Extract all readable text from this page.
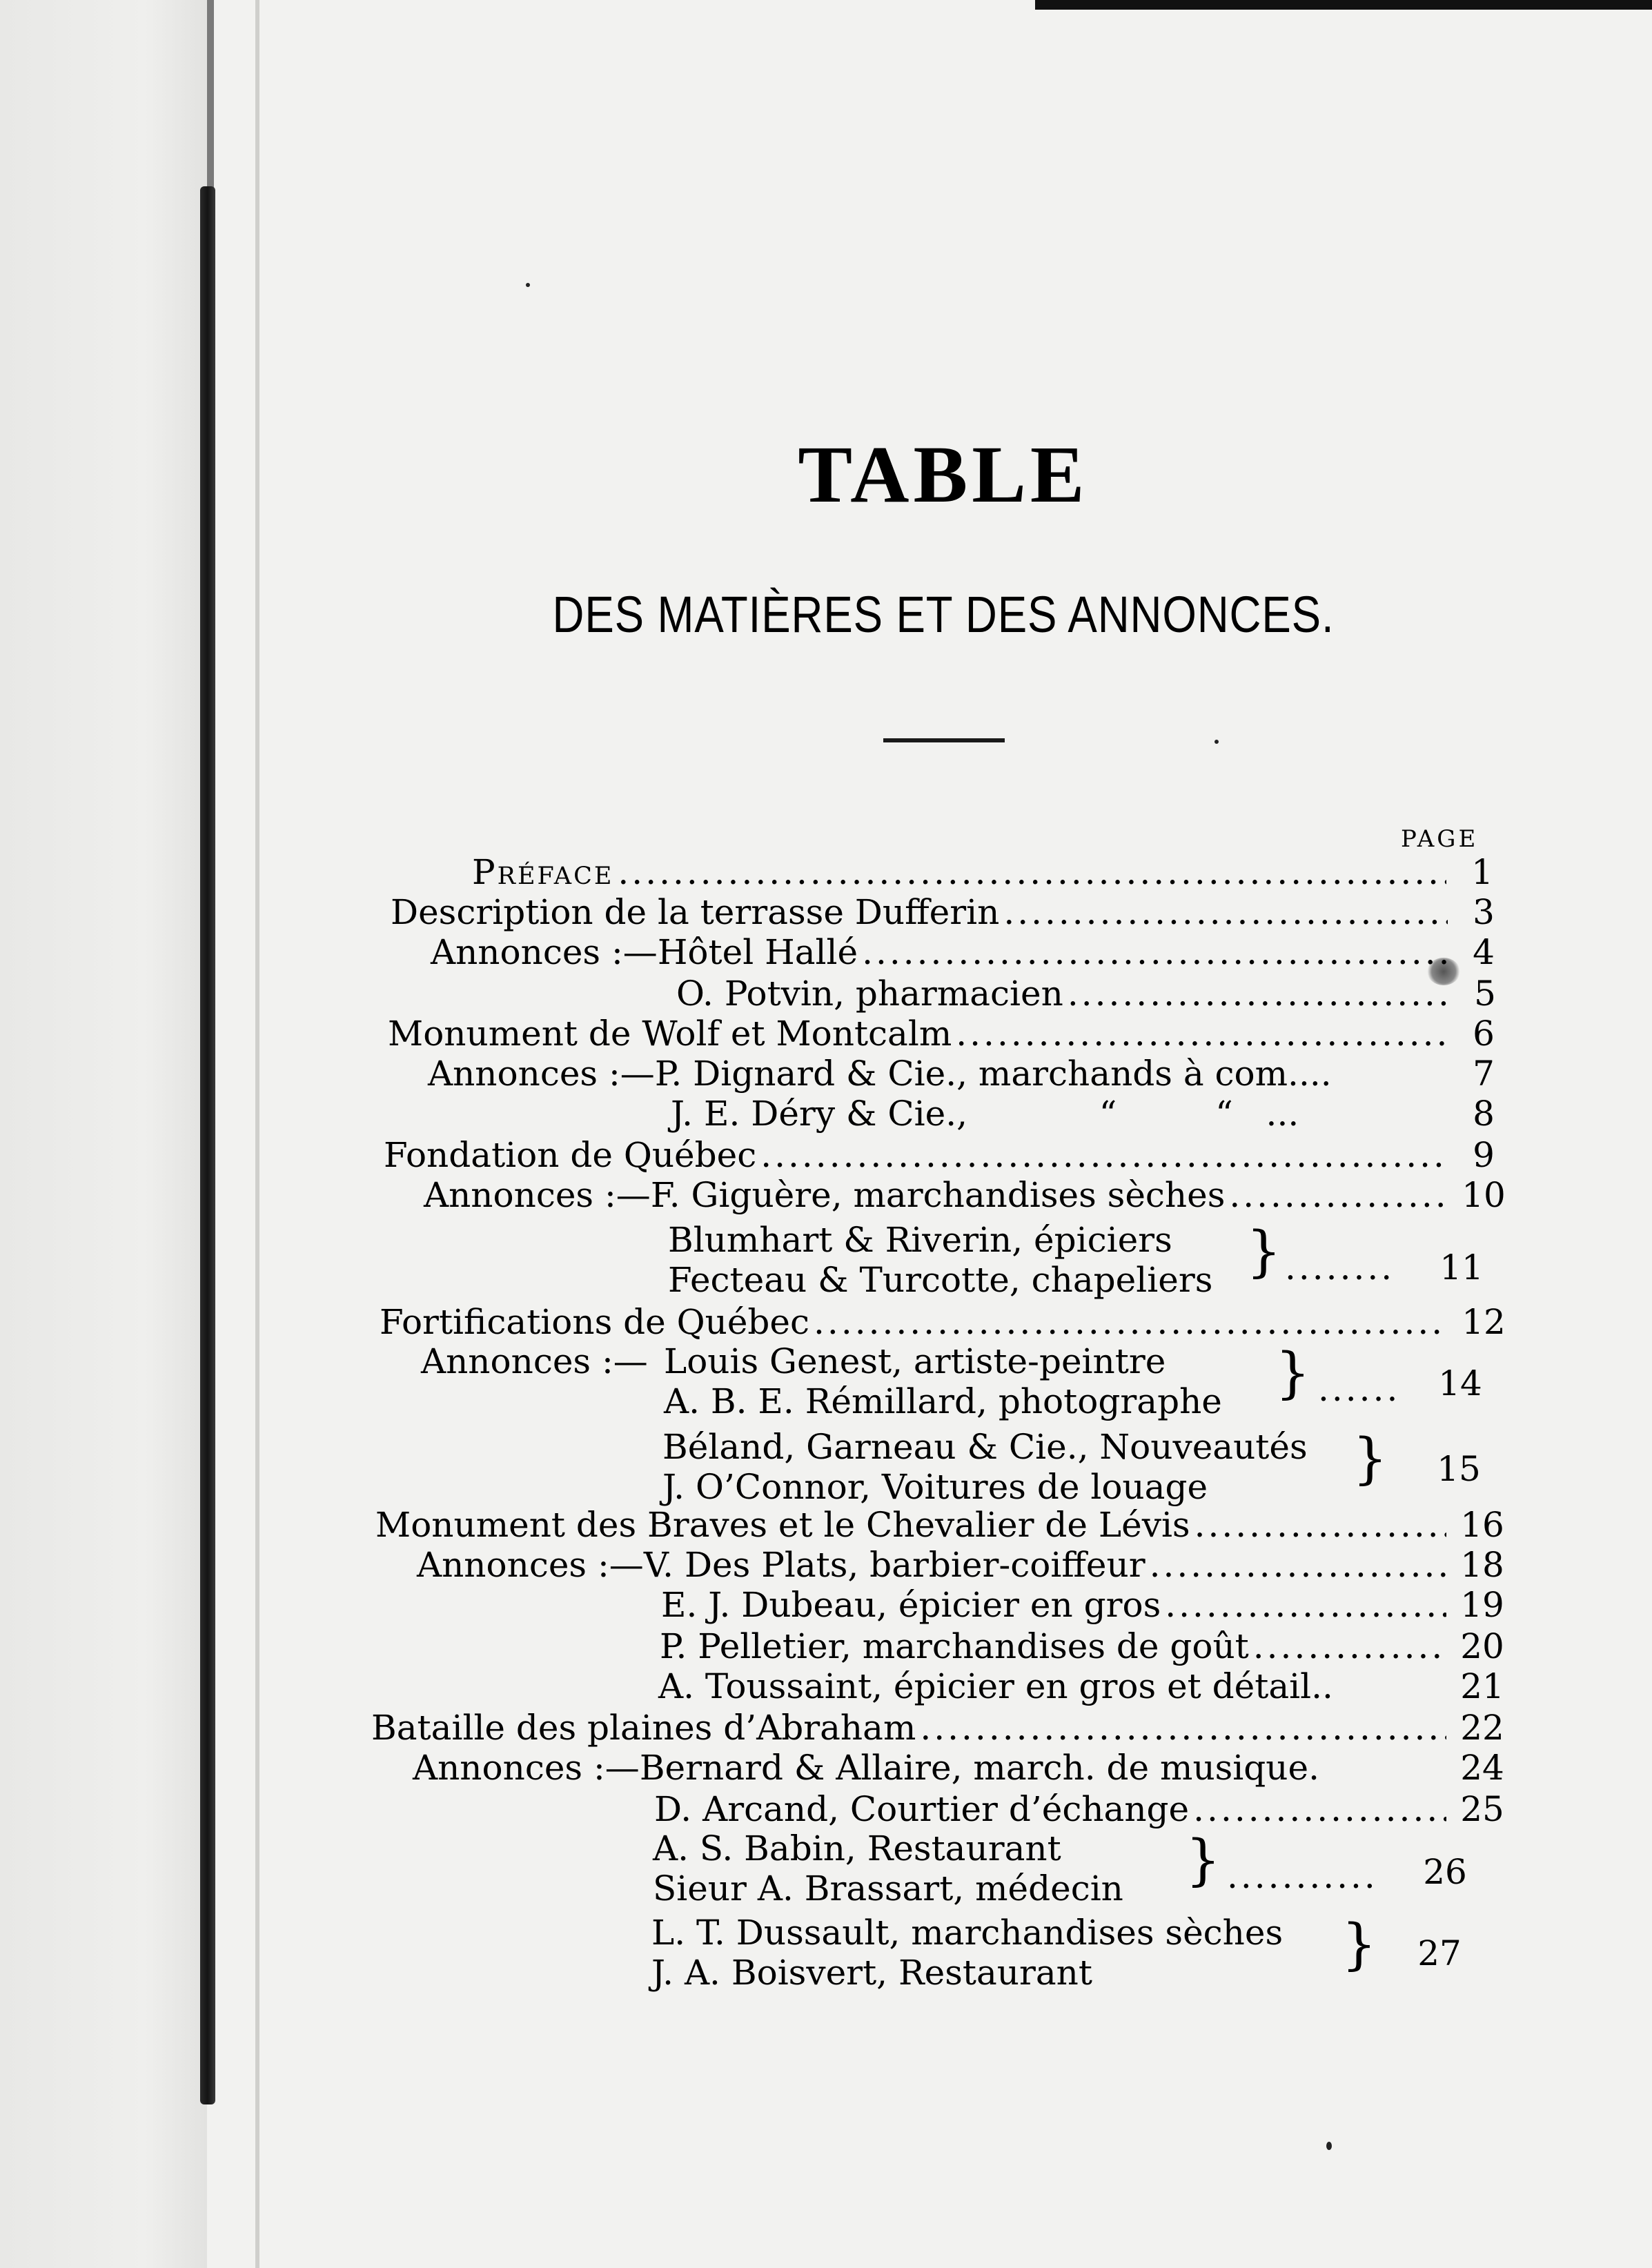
TABLE
DES MATIÈRES ET DES ANNONCES.
PAGE
Préface .....	1
Description de la terrasse Dufferin .....	3
Annonces :— Hôtel Hallé .....	4
O. Potvin, pharmacien .....	5
Monument de Wolf et Montcalm .....	6
Annonces :— P. Dignard & Cie., marchands à com....	7
J. E. Déry & Cie.,            “         “   ...	8
Fondation de Québec .....	9
Annonces :— F. Giguère, marchandises sèches .....	10
Blumhart & Riverin, épiciers
Fecteau & Turcotte, chapeliers } ........ 11
Fortifications de Québec .....	12
Annonces :— Louis Genest, artiste-peintre
A. B. E. Rémillard, photographe } ...... 14
Béland, Garneau & Cie., Nouveautés
J. O’Connor, Voitures de louage	} 15
Monument des Braves et le Chevalier de Lévis .....	16
Annonces :— V. Des Plats, barbier-coiffeur .....	18
E. J. Dubeau, épicier en gros .....	19
P. Pelletier, marchandises de goût .....	20
A. Toussaint, épicier en gros et détail..	21
Bataille des plaines d’Abraham .....	22
Annonces :— Bernard & Allaire, march. de musique.	24
D. Arcand, Courtier d’échange .....	25
A. S. Babin, Restaurant
Sieur A. Brassart, médecin } ........... 26
L. T. Dussault, marchandises sèches
J. A. Boisvert, Restaurant	} 27
